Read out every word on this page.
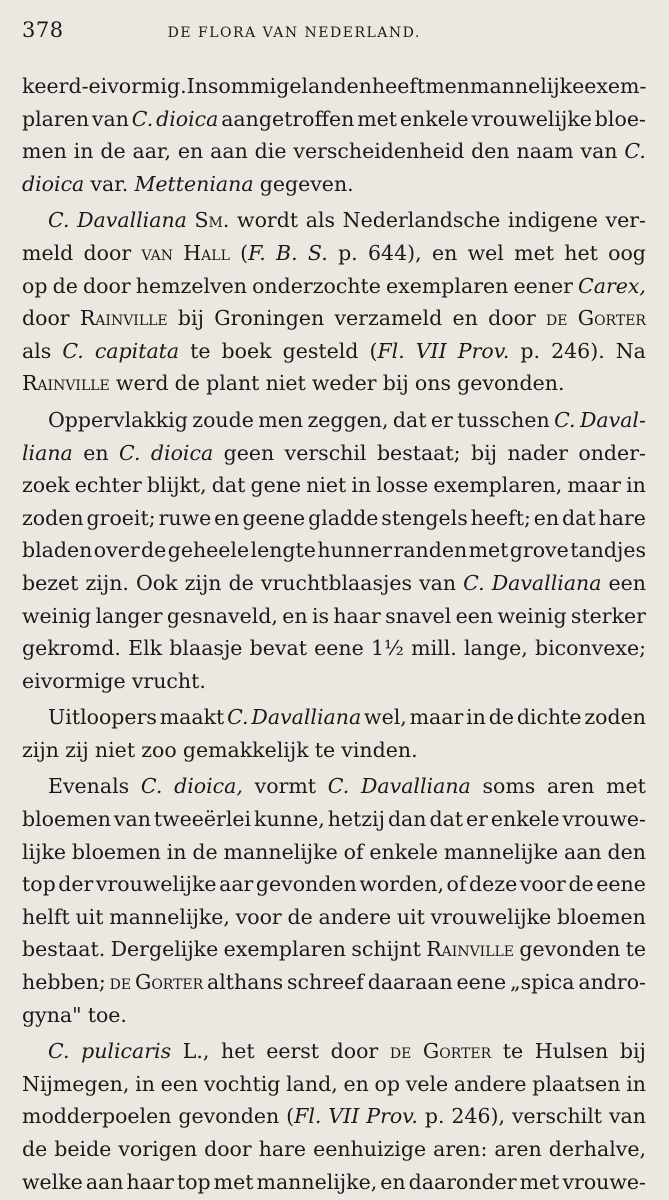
378	DE FLORA VAN NEDERLAND.
keerd-eivormig. In sommige landen heeft men mannelijke exem-
plaren van C. dioica aangetroffen met enkele vrouwelijke bloe-
men in de aar, en aan die verscheidenheid den naam van C.
dioica var. Metteniana gegeven.
C. Davalliana Sm. wordt als Nederlandsche indigene ver-
meld door van Hall (F. B. S. p. 644), en wel met het oog
op de door hemzelven onderzochte exemplaren eener Carex,
door Rainville bij Groningen verzameld en door de Gorter
als C. capitata te boek gesteld (Fl. VII Prov. p. 246). Na
Rainville werd de plant niet weder bij ons gevonden.
Oppervlakkig zoude men zeggen, dat er tusschen C. Daval-
liana en C. dioica geen verschil bestaat; bij nader onder-
zoek echter blijkt, dat gene niet in losse exemplaren, maar in
zoden groeit; ruwe en geene gladde stengels heeft; en dat hare
bladen over de geheele lengte hunner randen met grove tandjes
bezet zijn. Ook zijn de vruchtblaasjes van C. Davalliana een
weinig langer gesnaveld, en is haar snavel een weinig sterker
gekromd. Elk blaasje bevat eene 1½ mill. lange, biconvexe;
eivormige vrucht.
Uitloopers maakt C. Davalliana wel, maar in de dichte zoden
zijn zij niet zoo gemakkelijk te vinden.
Evenals C. dioica, vormt C. Davalliana soms aren met
bloemen van tweeërlei kunne, hetzij dan dat er enkele vrouwe-
lijke bloemen in de mannelijke of enkele mannelijke aan den
top der vrouwelijke aar gevonden worden, of deze voor de eene
helft uit mannelijke, voor de andere uit vrouwelijke bloemen
bestaat. Dergelijke exemplaren schijnt Rainville gevonden te
hebben; de Gorter althans schreef daaraan eene „spica andro-
gyna" toe.
C. pulicaris L., het eerst door de Gorter te Hulsen bij
Nijmegen, in een vochtig land, en op vele andere plaatsen in
modderpoelen gevonden (Fl. VII Prov. p. 246), verschilt van
de beide vorigen door hare eenhuizige aren: aren derhalve,
welke aan haar top met mannelijke, en daaronder met vrouwe-
